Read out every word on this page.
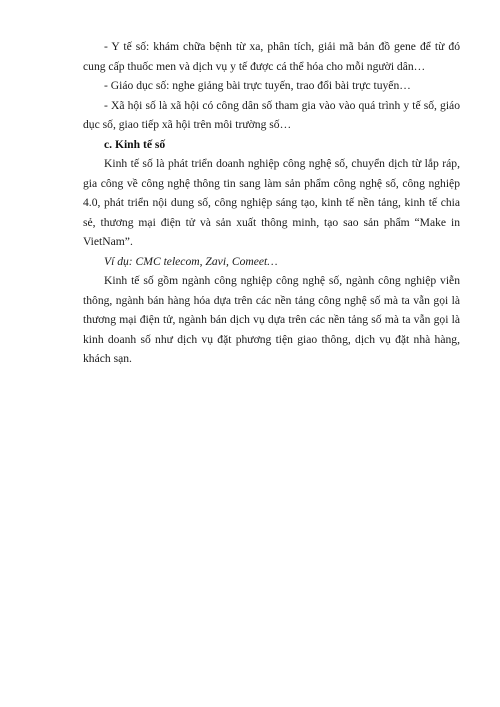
- Y tế số: khám chữa bệnh từ xa, phân tích, giải mã bản đồ gene để từ đó cung cấp thuốc men và dịch vụ y tế được cá thể hóa cho mỗi người dân…

- Giáo dục số: nghe giảng bài trực tuyến, trao đổi bài trực tuyến…

- Xã hội số là xã hội có công dân số tham gia vào vào quá trình y tế số, giáo dục số, giao tiếp xã hội trên môi trường số…

c. Kinh tế số

Kinh tế số là phát triển doanh nghiệp công nghệ số, chuyển dịch từ lắp ráp, gia công về công nghệ thông tin sang làm sản phẩm công nghệ số, công nghiệp 4.0, phát triển nội dung số, công nghiệp sáng tạo, kinh tế nền tảng, kinh tế chia sẻ, thương mại điện tử và sản xuất thông minh, tạo sao sản phẩm “Make in VietNam”.

Ví dụ: CMC telecom, Zavi, Comeet…

Kinh tế số gồm ngành công nghiệp công nghệ số, ngành công nghiệp viễn thông, ngành bán hàng hóa dựa trên các nền tảng công nghệ số mà ta vẫn gọi là thương mại điện tử, ngành bán dịch vụ dựa trên các nền tảng số mà ta vẫn gọi là kinh doanh số như dịch vụ đặt phương tiện giao thông, dịch vụ đặt nhà hàng, khách sạn.
